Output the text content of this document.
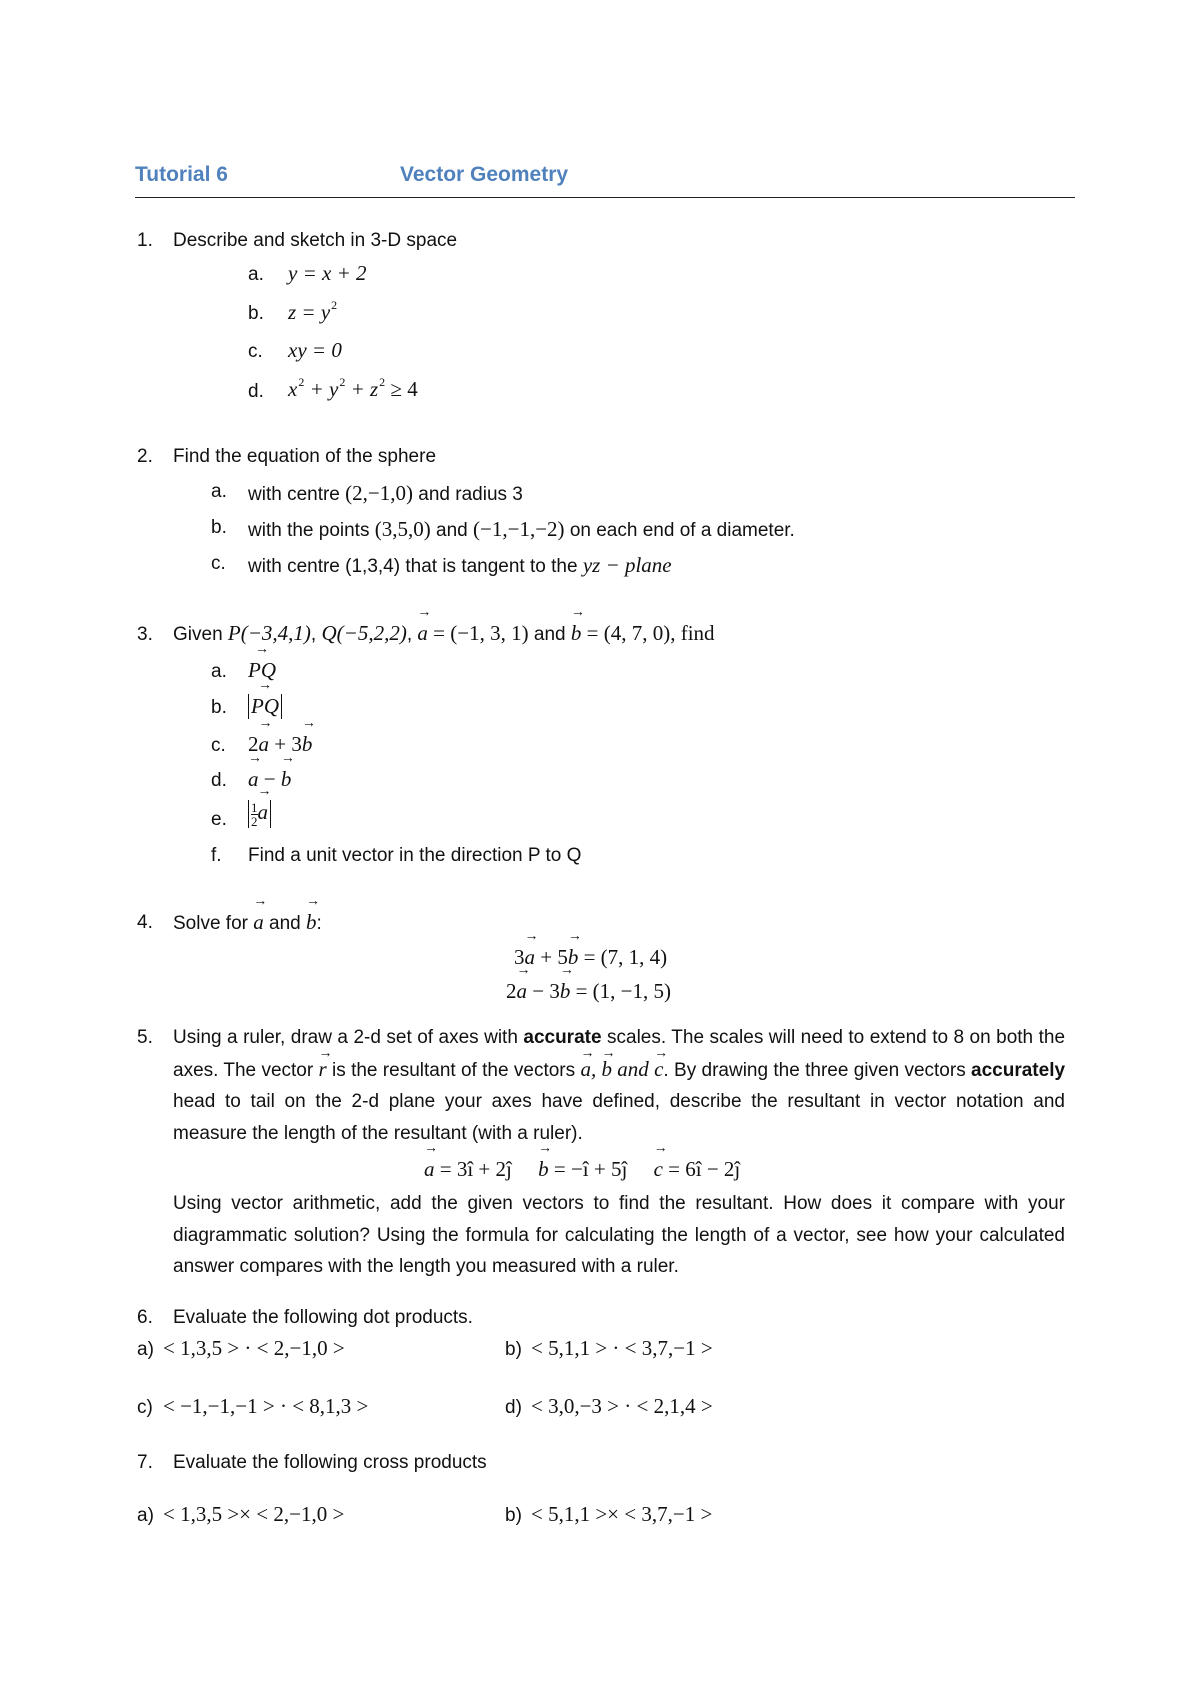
Tutorial 6	Vector Geometry
1. Describe and sketch in 3-D space
a. y = x + 2
b. $z = y^2$
c. xy = 0
d. $x^2 + y^2 + z^2 \ge 4$
2. Find the equation of the sphere
a. with centre (2,−1,0) and radius 3
b. with the points (3,5,0) and (−1,−1,−2) on each end of a diameter.
c. with centre (1,3,4) that is tangent to the yz − plane
3. Given P(−3,4,1), Q(−5,2,2), → a = (−1, 3, 1) and → b = (4, 7, 0), find
a.
→ PQ
b.
→ PQ
c. 2→ a + 3→ b
d.
→ a − → b
e. $\frac{1}{2}$
→ a
f. Find a unit vector in the direction P to Q
4. Solve for → a and → b:
3→ a + 5→ b = (7, 1, 4)
2→ a − 3→ b = (1, −1, 5)
5. Using a ruler, draw a 2-d set of axes with accurate scales. The scales will need to extend to 8 on both the axes. The vector → r is the resultant of the vectors → a, → b and → c. By drawing the three given vectors accurately head to tail on the 2-d plane your axes have defined, describe the resultant in vector notation and measure the length of the resultant (with a ruler).
→ a = 3î + 2ĵ     → b = −î + 5ĵ     → c = 6î − 2ĵ
Using vector arithmetic, add the given vectors to find the resultant. How does it compare with your diagrammatic solution? Using the formula for calculating the length of a vector, see how your calculated answer compares with the length you measured with a ruler.
6. Evaluate the following dot products.
a) < 1,3,5 > · < 2,−1,0 >	b) < 5,1,1 > · < 3,7,−1 >
c) < −1,−1,−1 > · < 8,1,3 >	d) < 3,0,−3 > · < 2,1,4 >
7. Evaluate the following cross products
a) < 1,3,5 >× < 2,−1,0 >	b) < 5,1,1 >× < 3,7,−1 >
